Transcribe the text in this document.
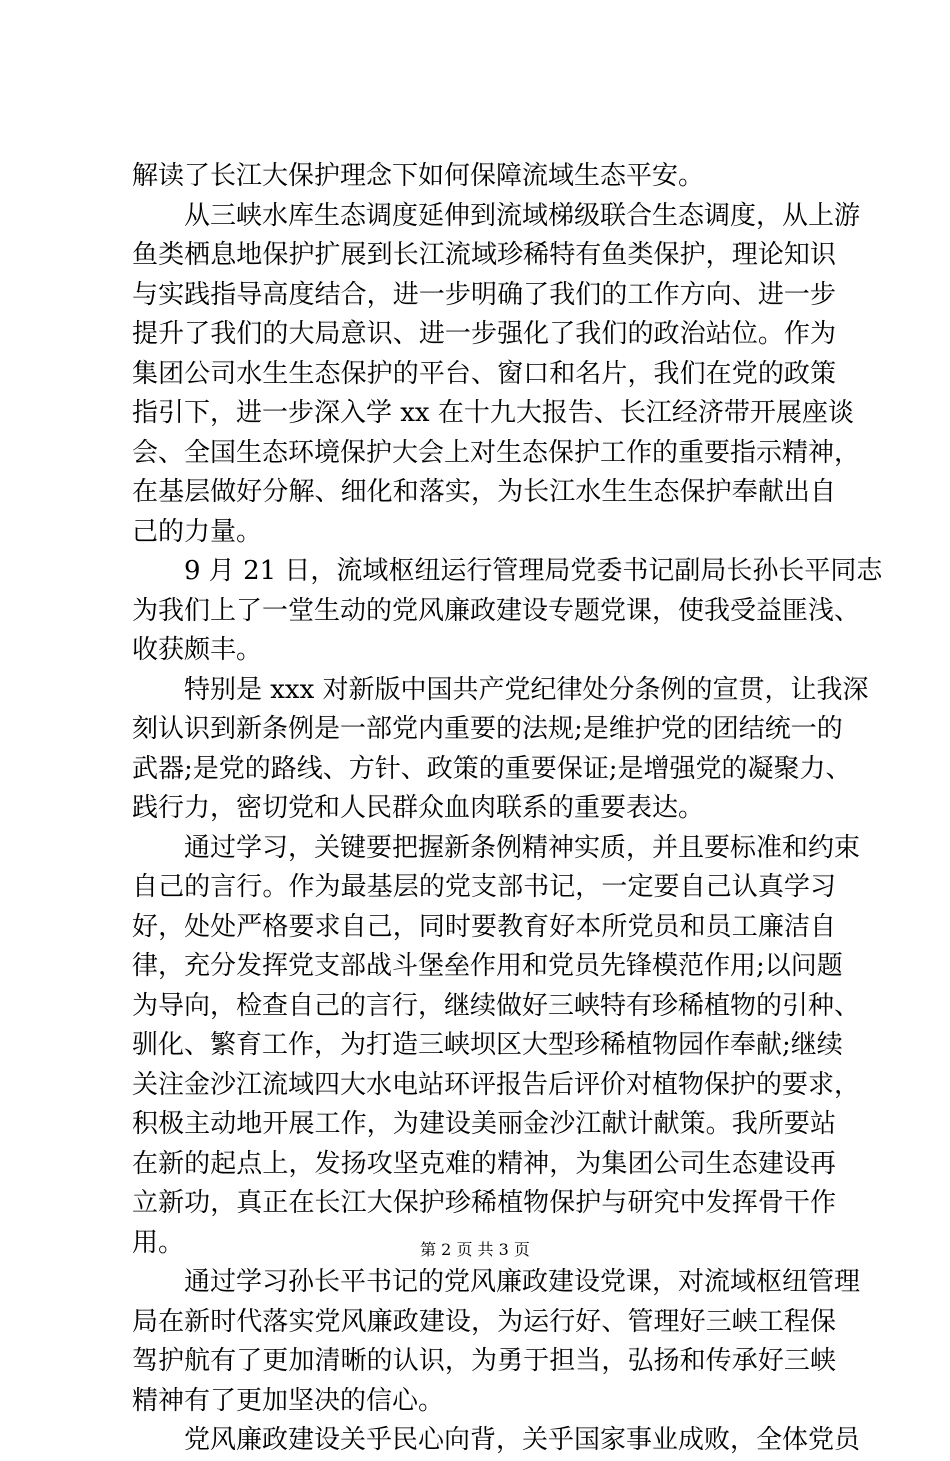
解读了长江大保护理念下如何保障流域生态平安。
从三峡水库生态调度延伸到流域梯级联合生态调度，从上游
鱼类栖息地保护扩展到长江流域珍稀特有鱼类保护，理论知识
与实践指导高度结合，进一步明确了我们的工作方向、进一步
提升了我们的大局意识、进一步强化了我们的政治站位。作为
集团公司水生生态保护的平台、窗口和名片，我们在党的政策
指引下，进一步深入学 xx 在十九大报告、长江经济带开展座谈
会、全国生态环境保护大会上对生态保护工作的重要指示精神，
在基层做好分解、细化和落实，为长江水生生态保护奉献出自
己的力量。
9 月 21 日，流域枢纽运行管理局党委书记副局长孙长平同志
为我们上了一堂生动的党风廉政建设专题党课，使我受益匪浅、
收获颇丰。
特别是 xxx 对新版中国共产党纪律处分条例的宣贯，让我深
刻认识到新条例是一部党内重要的法规;是维护党的团结统一的
武器;是党的路线、方针、政策的重要保证;是增强党的凝聚力、
践行力，密切党和人民群众血肉联系的重要表达。
通过学习，关键要把握新条例精神实质，并且要标准和约束
自己的言行。作为最基层的党支部书记，一定要自己认真学习
好，处处严格要求自己，同时要教育好本所党员和员工廉洁自
律，充分发挥党支部战斗堡垒作用和党员先锋模范作用;以问题
为导向，检查自己的言行，继续做好三峡特有珍稀植物的引种、
驯化、繁育工作，为打造三峡坝区大型珍稀植物园作奉献;继续
关注金沙江流域四大水电站环评报告后评价对植物保护的要求，
积极主动地开展工作，为建设美丽金沙江献计献策。我所要站
在新的起点上，发扬攻坚克难的精神，为集团公司生态建设再
立新功，真正在长江大保护珍稀植物保护与研究中发挥骨干作
用。
通过学习孙长平书记的党风廉政建设党课，对流域枢纽管理
局在新时代落实党风廉政建设，为运行好、管理好三峡工程保
驾护航有了更加清晰的认识，为勇于担当，弘扬和传承好三峡
精神有了更加坚决的信心。
党风廉政建设关乎民心向背，关乎国家事业成败，全体党员
第 2 页 共 3 页
